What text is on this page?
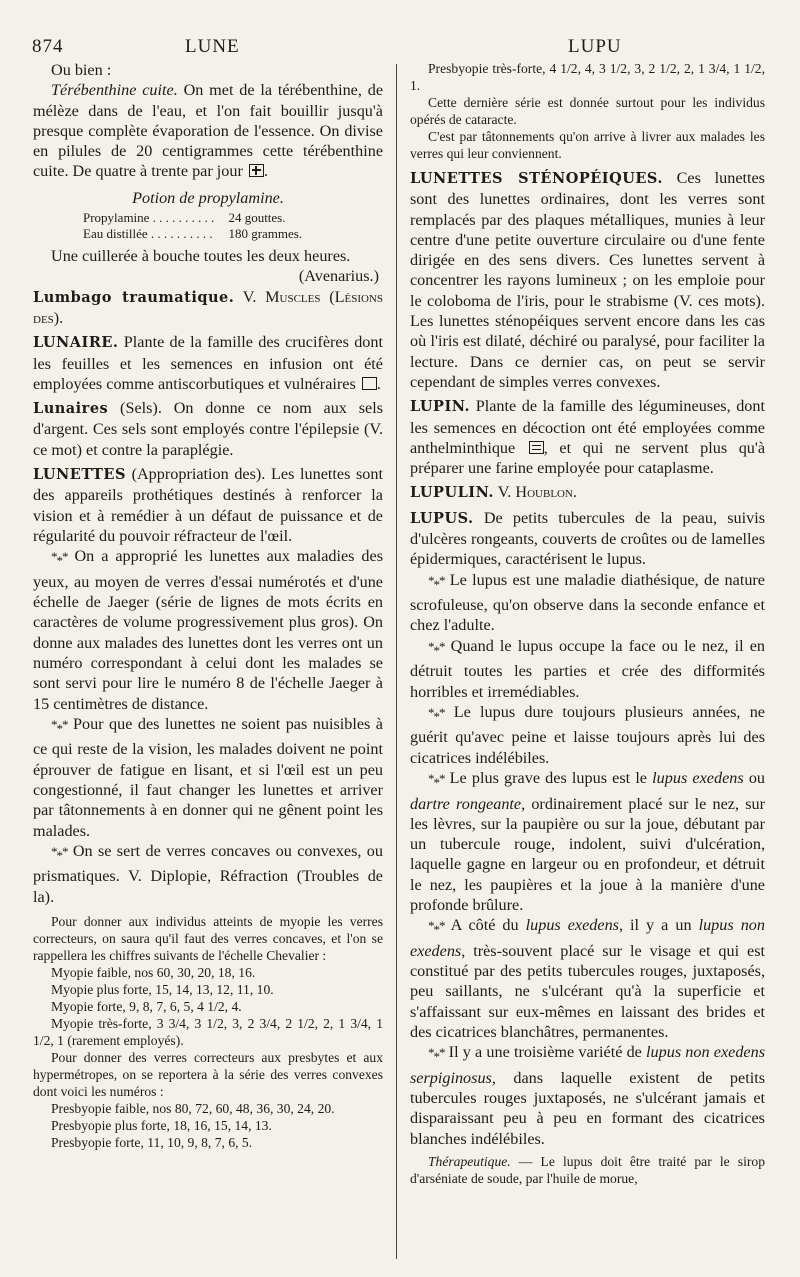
874	LUNE	LUPU

Ou bien :

Térébenthine cuite. On met de la térébenthine, de mélèze dans de l'eau, et l'on fait bouillir jusqu'à presque complète évaporation de l'essence. On divise en pilules de 20 centigrammes cette térébenthine cuite. De quatre à trente par jour .

Potion de propylamine.

Propylamine . . . . . . . . . .	24 gouttes.
Eau distillée . . . . . . . . . .	180 grammes.

Une cuillerée à bouche toutes les deux heures.

(Avenarius.)

Lumbago traumatique. V. Muscles (Lésions des).

LUNAIRE. Plante de la famille des crucifères dont les feuilles et les semences en infusion ont été employées comme antiscorbutiques et vulnéraires .

Lunaires (Sels). On donne ce nom aux sels d'argent. Ces sels sont employés contre l'épilepsie (V. ce mot) et contre la paraplégie.

LUNETTES (Appropriation des). Les lunettes sont des appareils prothétiques destinés à renforcer la vision et à remédier à un défaut de puissance et de régularité du pouvoir réfracteur de l'œil.

$*_**$ On a approprié les lunettes aux maladies des yeux, au moyen de verres d'essai numérotés et d'une échelle de Jaeger (série de lignes de mots écrits en caractères de volume progressivement plus gros). On donne aux malades des lunettes dont les verres ont un numéro correspondant à celui dont les malades se sont servi pour lire le numéro 8 de l'échelle Jaeger à 15 centimètres de distance.

$*_**$ Pour que des lunettes ne soient pas nuisibles à ce qui reste de la vision, les malades doivent ne point éprouver de fatigue en lisant, et si l'œil est un peu congestionné, il faut changer les lunettes et arriver par tâtonnements à en donner qui ne gênent point les malades.

$*_**$ On se sert de verres concaves ou convexes, ou prismatiques. V. Diplopie, Réfraction (Troubles de la).

Pour donner aux individus atteints de myopie les verres correcteurs, on saura qu'il faut des verres concaves, et l'on se rappellera les chiffres suivants de l'échelle Chevalier :

Myopie faible, nos 60, 30, 20, 18, 16.

Myopie plus forte, 15, 14, 13, 12, 11, 10.

Myopie forte, 9, 8, 7, 6, 5, 4 1/2, 4.

Myopie très-forte, 3 3/4, 3 1/2, 3, 2 3/4, 2 1/2, 2, 1 3/4, 1 1/2, 1 (rarement employés).

Pour donner des verres correcteurs aux presbytes et aux hypermétropes, on se reportera à la série des verres convexes dont voici les numéros :

Presbyopie faible, nos 80, 72, 60, 48, 36, 30, 24, 20.

Presbyopie plus forte, 18, 16, 15, 14, 13.

Presbyopie forte, 11, 10, 9, 8, 7, 6, 5.

Presbyopie très-forte, 4 1/2, 4, 3 1/2, 3, 2 1/2, 2, 1 3/4, 1 1/2, 1.

Cette dernière série est donnée surtout pour les individus opérés de cataracte.

C'est par tâtonnements qu'on arrive à livrer aux malades les verres qui leur conviennent.

LUNETTES STÉNOPÉIQUES. Ces lunettes sont des lunettes ordinaires, dont les verres sont remplacés par des plaques métalliques, munies à leur centre d'une petite ouverture circulaire ou d'une fente dirigée en des sens divers. Ces lunettes servent à concentrer les rayons lumineux ; on les emploie pour le coloboma de l'iris, pour le strabisme (V. ces mots). Les lunettes sténopéiques servent encore dans les cas où l'iris est dilaté, déchiré ou paralysé, pour faciliter la lecture. Dans ce dernier cas, on peut se servir cependant de simples verres convexes.

LUPIN. Plante de la famille des légumineuses, dont les semences en décoction ont été employées comme anthelminthique , et qui ne servent plus qu'à préparer une farine employée pour cataplasme.

LUPULIN. V. Houblon.

LUPUS. De petits tubercules de la peau, suivis d'ulcères rongeants, couverts de croûtes ou de lamelles épidermiques, caractérisent le lupus.

$*_**$ Le lupus est une maladie diathésique, de nature scrofuleuse, qu'on observe dans la seconde enfance et chez l'adulte.

$*_**$ Quand le lupus occupe la face ou le nez, il en détruit toutes les parties et crée des difformités horribles et irremédiables.

$*_**$ Le lupus dure toujours plusieurs années, ne guérit qu'avec peine et laisse toujours après lui des cicatrices indélébiles.

$*_**$ Le plus grave des lupus est le lupus exedens ou dartre rongeante, ordinairement placé sur le nez, sur les lèvres, sur la paupière ou sur la joue, débutant par un tubercule rouge, indolent, suivi d'ulcération, laquelle gagne en largeur ou en profondeur, et détruit le nez, les paupières et la joue à la manière d'une profonde brûlure.

$*_**$ A côté du lupus exedens, il y a un lupus non exedens, très-souvent placé sur le visage et qui est constitué par des petits tubercules rouges, juxtaposés, peu saillants, ne s'ulcérant qu'à la superficie et s'affaissant sur eux-mêmes en laissant des brides et des cicatrices blanchâtres, permanentes.

$*_**$ Il y a une troisième variété de lupus non exedens serpiginosus, dans laquelle existent de petits tubercules rouges juxtaposés, ne s'ulcérant jamais et disparaissant peu à peu en formant des cicatrices blanches indélébiles.

Thérapeutique. — Le lupus doit être traité par le sirop d'arséniate de soude, par l'huile de morue,
